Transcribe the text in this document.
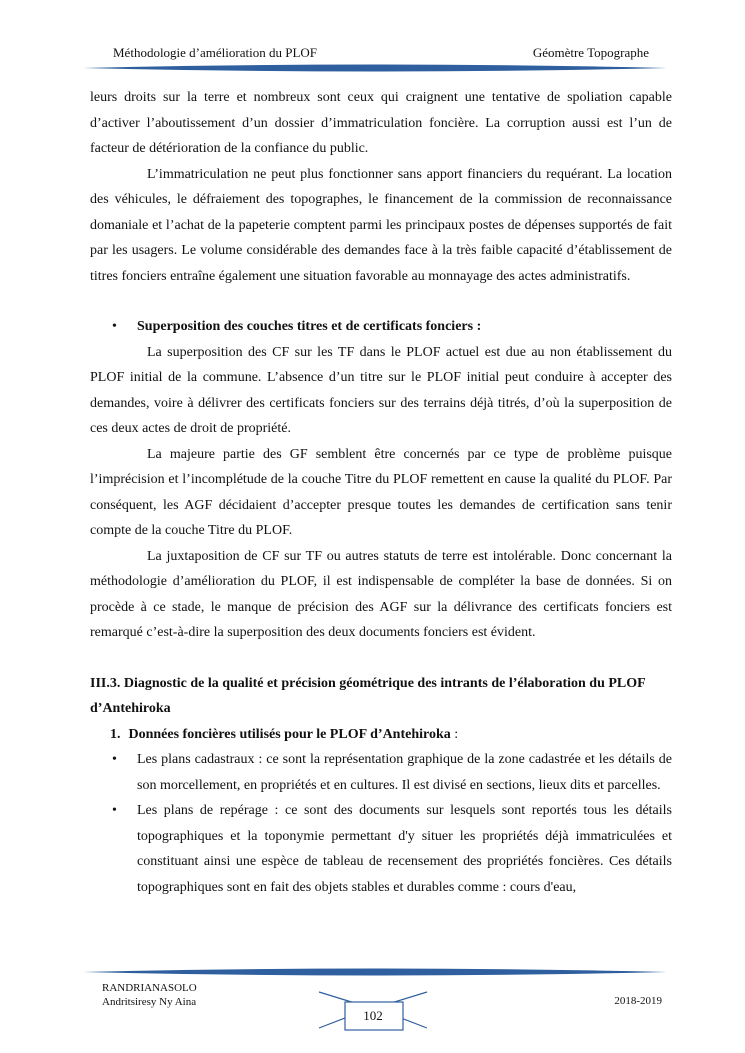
Méthodologie d’amélioration du PLOF	Géomètre Topographe

leurs droits sur la terre et nombreux sont ceux qui craignent une tentative de spoliation capable d’activer l’aboutissement d’un dossier d’immatriculation foncière. La corruption aussi est l’un de facteur de détérioration de la confiance du public.

L’immatriculation ne peut plus fonctionner sans apport financiers du requérant. La location des véhicules, le défraiement des topographes, le financement de la commission de reconnaissance domaniale et l’achat de la papeterie comptent parmi les principaux postes de dépenses supportés de fait par les usagers. Le volume considérable des demandes face à la très faible capacité d’établissement de titres fonciers entraîne également une situation favorable au monnayage des actes administratifs.

• Superposition des couches titres et de certificats fonciers :

La superposition des CF sur les TF dans le PLOF actuel est due au non établissement du PLOF initial de la commune. L’absence d’un titre sur le PLOF initial peut conduire à accepter des demandes, voire à délivrer des certificats fonciers sur des terrains déjà titrés, d’où la superposition de ces deux actes de droit de propriété.

La majeure partie des GF semblent être concernés par ce type de problème puisque l’imprécision et l’incomplétude de la couche Titre du PLOF remettent en cause la qualité du PLOF. Par conséquent, les AGF décidaient d’accepter presque toutes les demandes de certification sans tenir compte de la couche Titre du PLOF.

La juxtaposition de CF sur TF ou autres statuts de terre est intolérable. Donc concernant la méthodologie d’amélioration du PLOF, il est indispensable de compléter la base de données. Si on procède à ce stade, le manque de précision des AGF sur la délivrance des certificats fonciers est remarqué c’est-à-dire la superposition des deux documents fonciers est évident.

III.3. Diagnostic de la qualité et précision géométrique des intrants de l’élaboration du PLOF d’Antehiroka

1. Données foncières utilisés pour le PLOF d’Antehiroka :

• Les plans cadastraux : ce sont la représentation graphique de la zone cadastrée et les détails de son morcellement, en propriétés et en cultures. Il est divisé en sections, lieux dits et parcelles.

• Les plans de repérage : ce sont des documents sur lesquels sont reportés tous les détails topographiques et la toponymie permettant d'y situer les propriétés déjà immatriculées et constituant ainsi une espèce de tableau de recensement des propriétés foncières. Ces détails topographiques sont en fait des objets stables et durables comme : cours d'eau,

RANDRIANASOLO
Andritsiresy Ny Aina	2018-2019
102
